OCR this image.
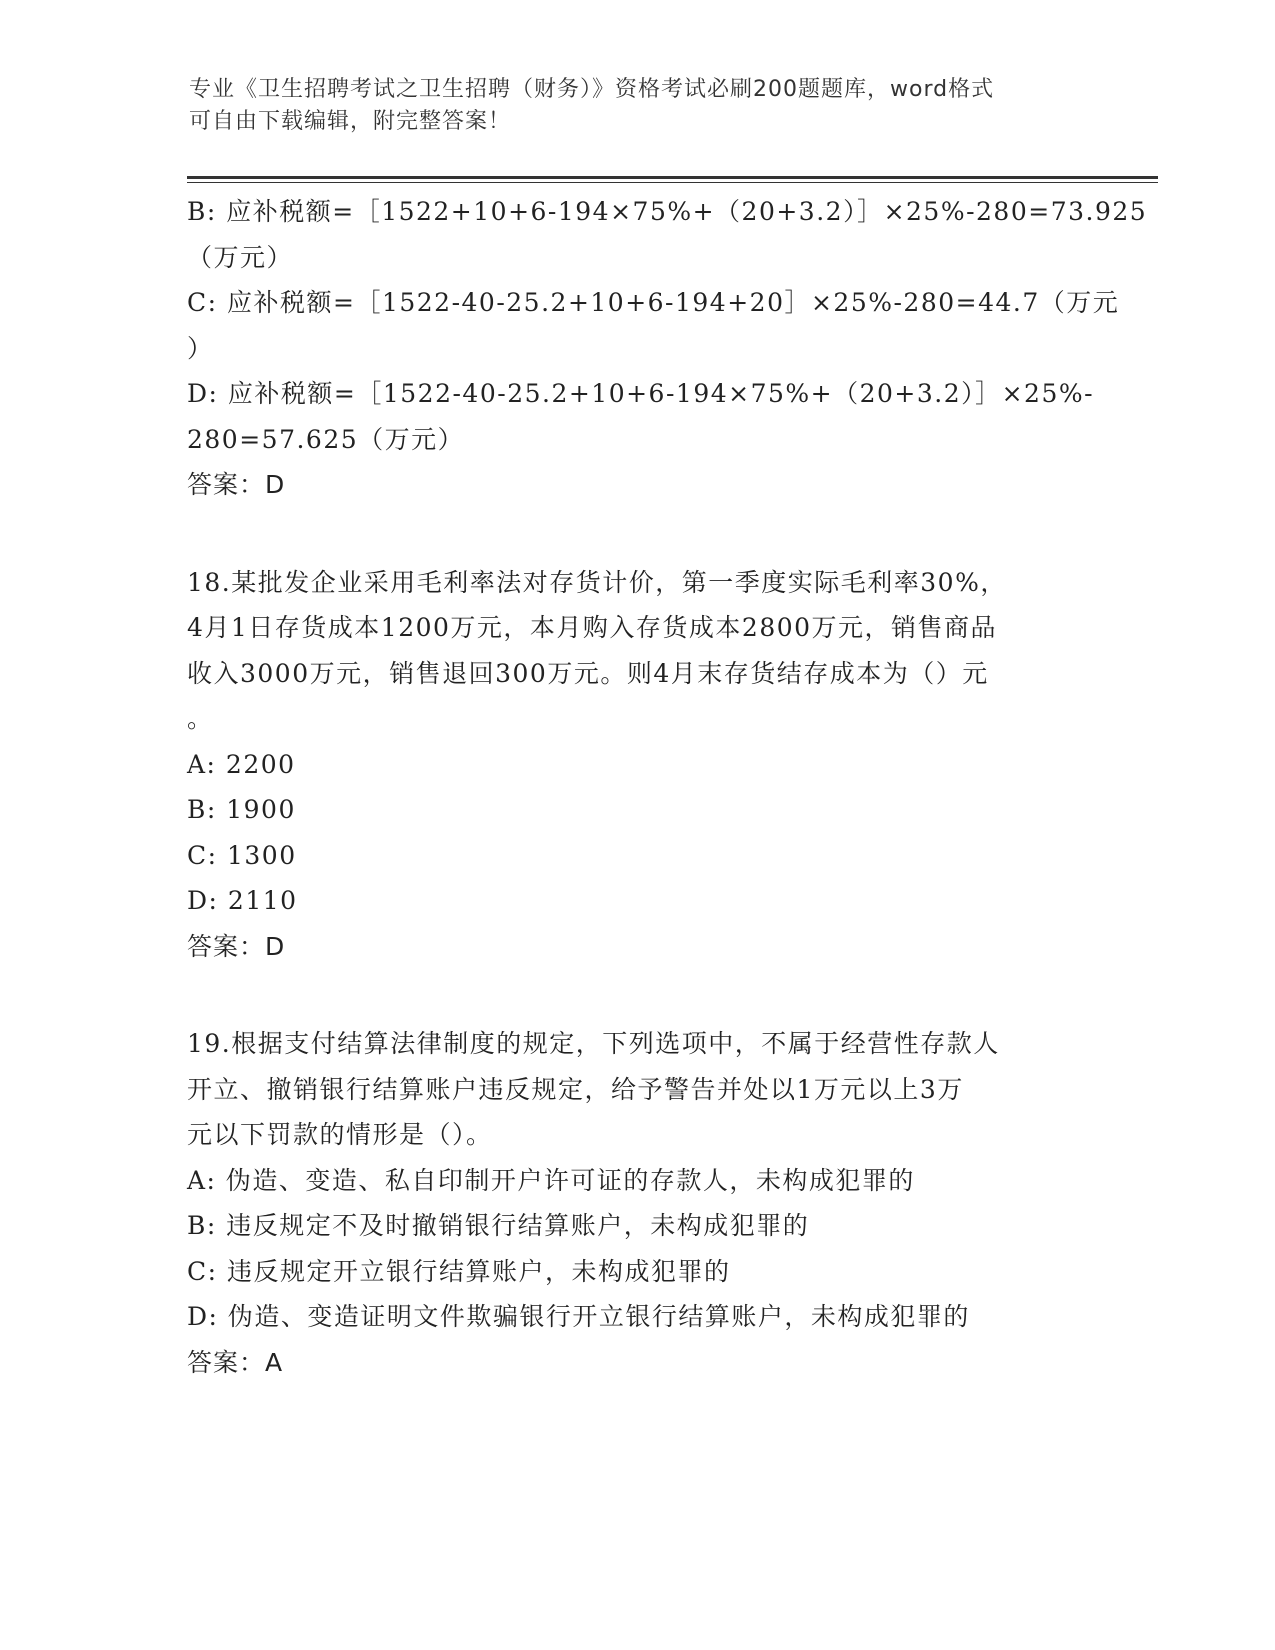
专业《卫生招聘考试之卫生招聘（财务）》资格考试必刷200题题库，word格式
可自由下载编辑，附完整答案！
B: 应补税额=［1522+10+6-194×75%+（20+3.2）］×25%-280=73.925
（万元）
C: 应补税额=［1522-40-25.2+10+6-194+20］×25%-280=44.7（万元
）
D: 应补税额=［1522-40-25.2+10+6-194×75%+（20+3.2）］×25%-
280=57.625（万元）
答案：D
18.某批发企业采用毛利率法对存货计价，第一季度实际毛利率30%，
4月1日存货成本1200万元，本月购入存货成本2800万元，销售商品
收入3000万元，销售退回300万元。则4月末存货结存成本为（）元
。
A: 2200
B: 1900
C: 1300
D: 2110
答案：D
19.根据支付结算法律制度的规定，下列选项中，不属于经营性存款人
开立、撤销银行结算账户违反规定，给予警告并处以1万元以上3万
元以下罚款的情形是（）。
A: 伪造、变造、私自印制开户许可证的存款人，未构成犯罪的
B: 违反规定不及时撤销银行结算账户，未构成犯罪的
C: 违反规定开立银行结算账户，未构成犯罪的
D: 伪造、变造证明文件欺骗银行开立银行结算账户，未构成犯罪的
答案：A
